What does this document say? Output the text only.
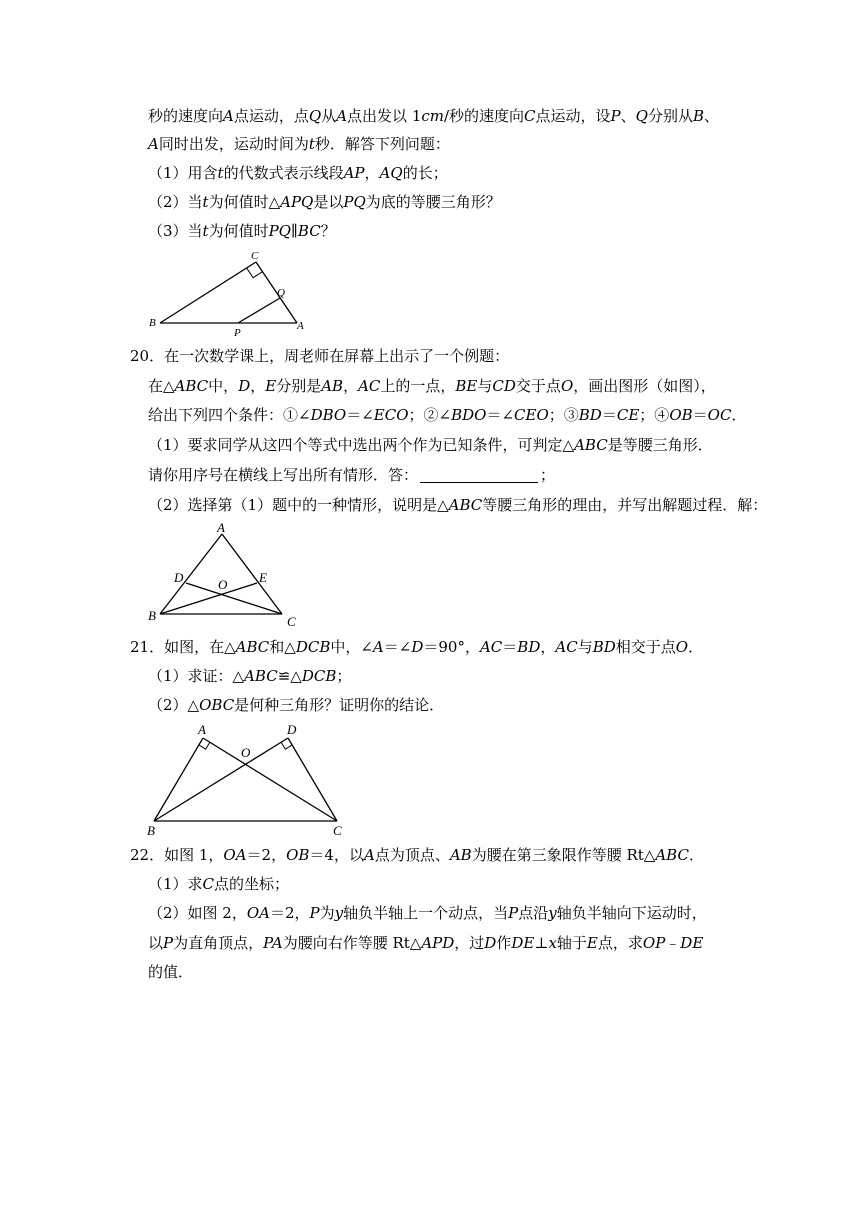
秒的速度向A点运动，点Q从A点出发以 1cm/秒的速度向C点运动，设P、Q分别从B、
A同时出发，运动时间为t秒．解答下列问题：
（1）用含t的代数式表示线段AP，AQ的长；
（2）当t为何值时△APQ是以PQ为底的等腰三角形？
（3）当t为何值时PQ∥BC？
C
Q
B
P
A
20．在一次数学课上，周老师在屏幕上出示了一个例题：
在△ABC中，D，E分别是AB，AC上的一点，BE与CD交于点O，画出图形（如图），
给出下列四个条件：①∠DBO＝∠ECO；②∠BDO＝∠CEO；③BD＝CE；④OB＝OC．
（1）要求同学从这四个等式中选出两个作为已知条件，可判定△ABC是等腰三角形．
请你用序号在横线上写出所有情形．答：	；
（2）选择第（1）题中的一种情形，说明是△ABC等腰三角形的理由，并写出解题过程．解：
A
D	E
O
B	C
21．如图，在△ABC和△DCB中，∠A＝∠D＝90°，AC＝BD，AC与BD相交于点O．
（1）求证：△ABC≌△DCB；
（2）△OBC是何种三角形？证明你的结论．
A
O
D
B	C
22．如图 1，OA＝2，OB＝4，以A点为顶点、AB为腰在第三象限作等腰 Rt△ABC．
（1）求C点的坐标；
（2）如图 2，OA＝2，P为y轴负半轴上一个动点，当P点沿y轴负半轴向下运动时，
以P为直角顶点，PA为腰向右作等腰 Rt△APD，过D作DE⊥x轴于E点，求OP﹣DE
的值．
